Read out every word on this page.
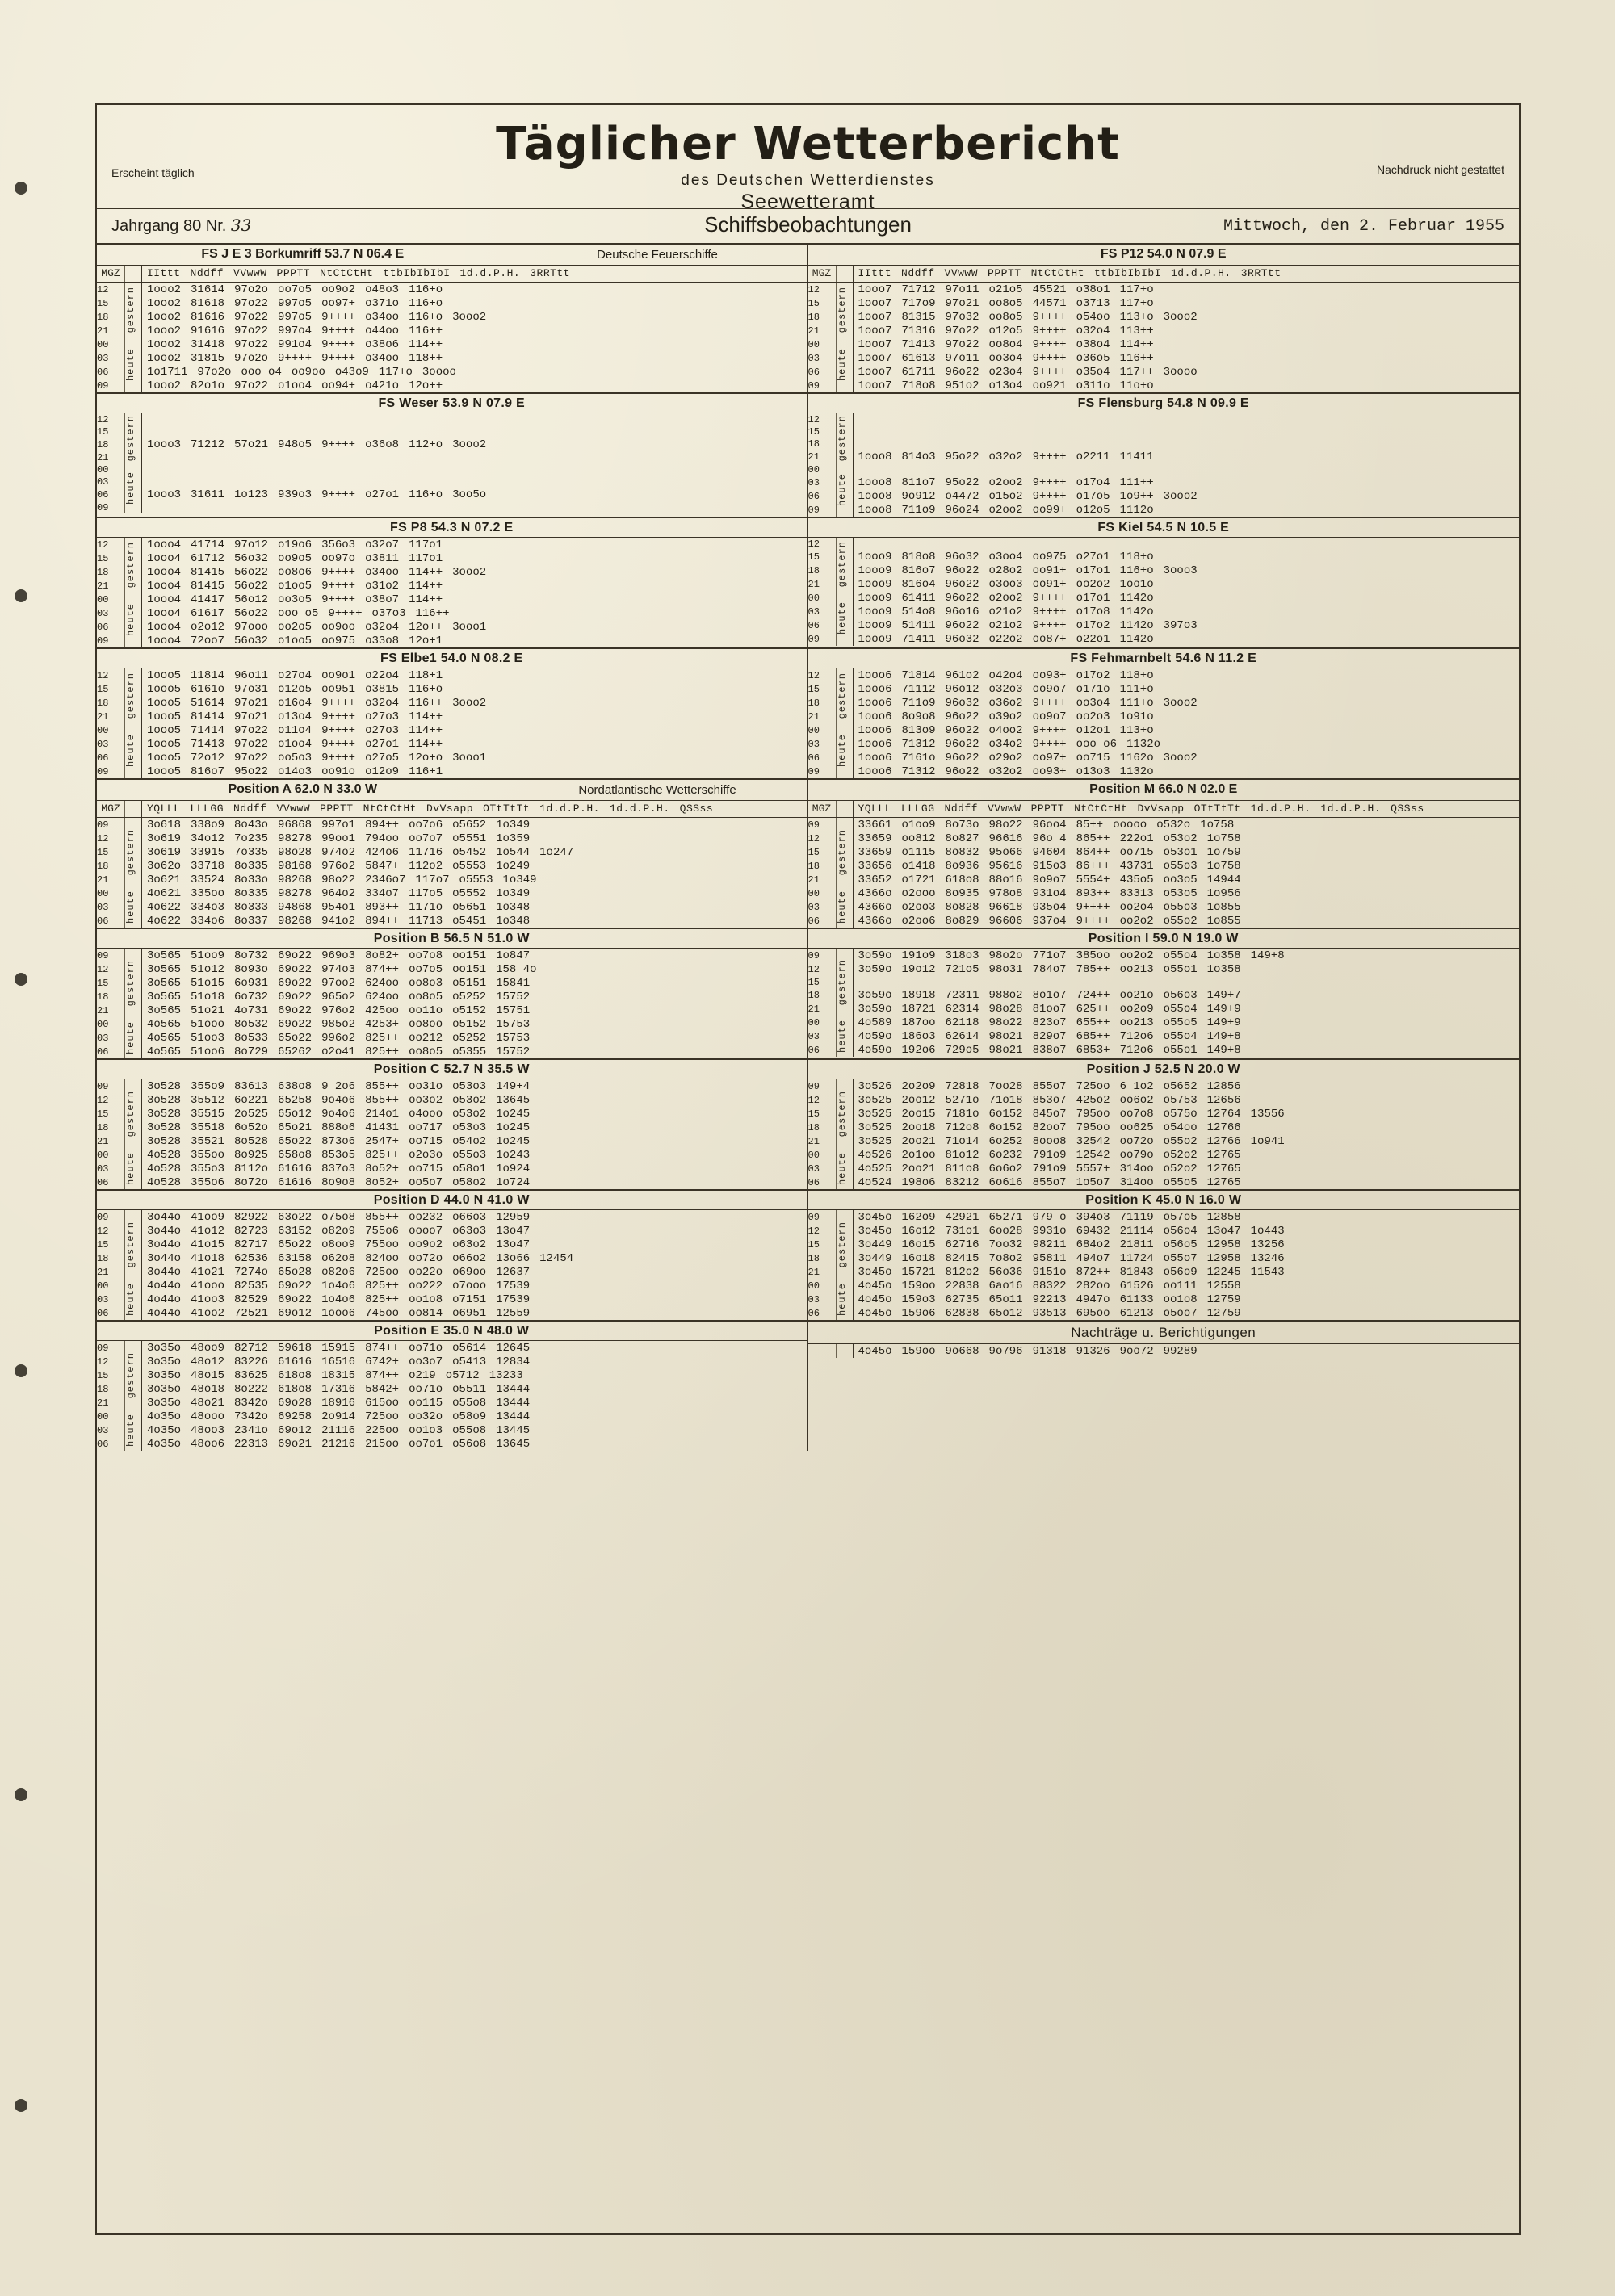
Täglicher Wetterbericht
des Deutschen Wetterdienstes
Seewetteramt
Erscheint täglich	Nachdruck nicht gestattet
Jahrgang 80 Nr. 33	Schiffsbeobachtungen	Mittwoch, den 2. Februar 1955
FS J E 3 Borkumriff 53.7 N 06.4 E	Deutsche Feuerschiffe	FS P12 54.0 N 07.9 E
MGZ		IIttt Nddff VVwwW PPPTT NtCtCtHt ttbIbIbIbI 1d.d.P.H. 3RRTtt
12	gestern	1ooo2 31614 97o2o oo7o5 oo9o2 o48o3 116+o
15		1ooo2 81618 97o22 997o5 oo97+ o371o 116+o
18		1ooo2 81616 97o22 997o5 9++++ o34oo 116+o 3ooo2
21		1ooo2 91616 97o22 997o4 9++++ o44oo 116++
00	heute	1ooo2 31418 97o22 991o4 9++++ o38o6 114++
03		1ooo2 31815 97o2o 9++++ 9++++ o34oo 118++
06		1o1711 97o2o ooo o4 oo9oo o43o9 117+o 3oooo
09		1ooo2 82o1o 97o22 o1oo4 oo94+ o421o 12o++
MGZ		IIttt Nddff VVwwW PPPTT NtCtCtHt ttbIbIbIbI 1d.d.P.H. 3RRTtt
12	gestern	1ooo7 71712 97o11 o21o5 45521 o38o1 117+o
15		1ooo7 717o9 97o21 oo8o5 44571 o3713 117+o
18		1ooo7 81315 97o32 oo8o5 9++++ o54oo 113+o 3ooo2
21		1ooo7 71316 97o22 o12o5 9++++ o32o4 113++
00	heute	1ooo7 71413 97o22 oo8o4 9++++ o38o4 114++
03		1ooo7 61613 97o11 oo3o4 9++++ o36o5 116++
06		1ooo7 61711 96o22 o23o4 9++++ o35o4 117++ 3oooo
09		1ooo7 718o8 951o2 o13o4 oo921 o311o 11o+o
FS Weser 53.9 N 07.9 E
12	gestern	

15		
18		1ooo3 71212 57o21 948o5 9++++ o36o8 112+o 3ooo2
21		
00	heute	

03		
06		1ooo3 31611 1o123 939o3 9++++ o27o1 116+o 3oo5o
09		
FS Flensburg 54.8 N 09.9 E
12	gestern	

15		
18		
21		1ooo8 814o3 95o22 o32o2 9++++ o2211 11411
00	heute	

03		1ooo8 811o7 95o22 o2oo2 9++++ o17o4 111++
06		1ooo8 9o912 o4472 o15o2 9++++ o17o5 1o9++ 3ooo2
09		1ooo8 711o9 96o24 o2oo2 oo99+ o12o5 1112o
FS P8 54.3 N 07.2 E
12	gestern	1ooo4 41714 97o12 o19o6 356o3 o32o7 117o1
15		1ooo4 61712 56o32 oo9o5 oo97o o3811 117o1
18		1ooo4 81415 56o22 oo8o6 9++++ o34oo 114++ 3ooo2
21		1ooo4 81415 56o22 o1oo5 9++++ o31o2 114++
00	heute	1ooo4 41417 56o12 oo3o5 9++++ o38o7 114++
03		1ooo4 61617 56o22 ooo o5 9++++ o37o3 116++
06		1ooo4 o2o12 97ooo oo2o5 oo9oo o32o4 12o++ 3ooo1
09		1ooo4 72oo7 56o32 o1oo5 oo975 o33o8 12o+1
FS Kiel 54.5 N 10.5 E
12	gestern	

15		1ooo9 818o8 96o32 o3oo4 oo975 o27o1 118+o
18		1ooo9 816o7 96o22 o28o2 oo91+ o17o1 116+o 3ooo3
21		1ooo9 816o4 96o22 o3oo3 oo91+ oo2o2 1oo1o
00	heute	1ooo9 61411 96o22 o2oo2 9++++ o17o1 1142o
03		1ooo9 514o8 96o16 o21o2 9++++ o17o8 1142o
06		1ooo9 51411 96o22 o21o2 9++++ o17o2 1142o 397o3
09		1ooo9 71411 96o32 o22o2 oo87+ o22o1 1142o
FS Elbe1 54.0 N 08.2 E
12	gestern	1ooo5 11814 96o11 o27o4 oo9o1 o22o4 118+1
15		1ooo5 6161o 97o31 o12o5 oo951 o3815 116+o
18		1ooo5 51614 97o21 o16o4 9++++ o32o4 116++ 3ooo2
21		1ooo5 81414 97o21 o13o4 9++++ o27o3 114++
00	heute	1ooo5 71414 97o22 o11o4 9++++ o27o3 114++
03		1ooo5 71413 97o22 o1oo4 9++++ o27o1 114++
06		1ooo5 72o12 97o22 oo5o3 9++++ o27o5 12o+o 3ooo1
09		1ooo5 816o7 95o22 o14o3 oo91o o12o9 116+1
FS Fehmarnbelt 54.6 N 11.2 E
12	gestern	1ooo6 71814 961o2 o42o4 oo93+ o17o2 118+o
15		1ooo6 71112 96o12 o32o3 oo9o7 o171o 111+o
18		1ooo6 711o9 96o32 o36o2 9++++ oo3o4 111+o 3ooo2
21		1ooo6 8o9o8 96o22 o39o2 oo9o7 oo2o3 1o91o
00	heute	1ooo6 813o9 96o22 o4oo2 9++++ o12o1 113+o
03		1ooo6 71312 96o22 o34o2 9++++ ooo o6 1132o
06		1ooo6 7161o 96o22 o29o2 oo97+ oo715 1162o 3ooo2
09		1ooo6 71312 96o22 o32o2 oo93+ o13o3 1132o
Position A 62.0 N 33.0 W	Nordatlantische Wetterschiffe	Position M 66.0 N 02.0 E
MGZ		YQLLL LLLGG Nddff VVwwW PPPTT NtCtCtHt DvVsapp OTtTtTt 1d.d.P.H. 1d.d.P.H. QSSss
09	gestern	3o618 338o9 8o43o 96868 997o1 894++ oo7o6 o5652 1o349
12		3o619 34o12 7o235 98278 99oo1 794oo oo7o7 o5551 1o359
15		3o619 33915 7o335 98o28 974o2 424o6 11716 o5452 1o544 1o247
18		3o62o 33718 8o335 98168 976o2 5847+ 112o2 o5553 1o249
21		3o621 33524 8o33o 98268 98o22 2346o7 117o7 o5553 1o349
00	heute	4o621 335oo 8o335 98278 964o2 334o7 117o5 o5552 1o349
03		4o622 334o3 8o333 94868 954o1 893++ 1171o o5651 1o348
06		4o622 334o6 8o337 98268 941o2 894++ 11713 o5451 1o348
MGZ		YQLLL LLLGG Nddff VVwwW PPPTT NtCtCtHt DvVsapp OTtTtTt 1d.d.P.H. 1d.d.P.H. QSSss
09	gestern	33661 o1oo9 8o73o 98o22 96oo4 85++ ooooo o532o 1o758
12		33659 oo812 8o827 96616 96o 4 865++ 222o1 o53o2 1o758
15		33659 o1115 8o832 95o66 94604 864++ oo715 o53o1 1o759
18		33656 o1418 8o936 95616 915o3 86+++ 43731 o55o3 1o758
21		33652 o1721 618o8 88o16 9o9o7 5554+ 435o5 oo3o5 14944
00	heute	4366o o2ooo 8o935 978o8 931o4 893++ 83313 o53o5 1o956
03		4366o o2oo3 8o828 96618 935o4 9++++ oo2o4 o55o3 1o855
06		4366o o2oo6 8o829 96606 937o4 9++++ oo2o2 o55o2 1o855
Position B 56.5 N 51.0 W
09	gestern	3o565 51oo9 8o732 69o22 969o3 8o82+ oo7o8 oo151 1o847
12		3o565 51o12 8o93o 69o22 974o3 874++ oo7o5 oo151 158 4o
15		3o565 51o15 6o931 69o22 97oo2 624oo oo8o3 o5151 15841
18		3o565 51o18 6o732 69o22 965o2 624oo oo8o5 o5252 15752
21		3o565 51o21 4o731 69o22 976o2 425oo oo11o o5152 15751
00	heute	4o565 51ooo 8o532 69o22 985o2 4253+ oo8oo o5152 15753
03		4o565 51oo3 8o533 65o22 996o2 825++ oo212 o5252 15753
06		4o565 51oo6 8o729 65262 o2o41 825++ oo8o5 o5355 15752
Position I 59.0 N 19.0 W
09	gestern	3o59o 191o9 318o3 98o2o 771o7 385oo oo2o2 o55o4 1o358 149+8
12		3o59o 19o12 721o5 98o31 784o7 785++ oo213 o55o1 1o358
15		
18		3o59o 18918 72311 988o2 8o1o7 724++ oo21o o56o3 149+7
21		3o59o 18721 62314 98o28 81oo7 625++ oo2o9 o55o4 149+9
00	heute	4o589 187oo 62118 98o22 823o7 655++ oo213 o55o5 149+9
03		4o59o 186o3 62614 98o21 829o7 685++ 712o6 o55o4 149+8
06		4o59o 192o6 729o5 98o21 838o7 6853+ 712o6 o55o1 149+8
Position C 52.7 N 35.5 W
09	gestern	3o528 355o9 83613 638o8 9 2o6 855++ oo31o o53o3 149+4
12		3o528 35512 6o221 65258 9o4o6 855++ oo3o2 o53o2 13645
15		3o528 35515 2o525 65o12 9o4o6 214o1 o4ooo o53o2 1o245
18		3o528 35518 6o52o 65o21 888o6 41431 oo717 o53o3 1o245
21		3o528 35521 8o528 65o22 873o6 2547+ oo715 o54o2 1o245
00	heute	4o528 355oo 8o925 658o8 853o5 825++ o2o3o o55o3 1o243
03		4o528 355o3 8112o 61616 837o3 8o52+ oo715 o58o1 1o924
06		4o528 355o6 8o72o 61616 8o9o8 8o52+ oo5o7 o58o2 1o724
Position J 52.5 N 20.0 W
09	gestern	3o526 2o2o9 72818 7oo28 855o7 725oo 6 1o2 o5652 12856
12		3o525 2oo12 5271o 71o18 853o7 425o2 oo6o2 o5753 12656
15		3o525 2oo15 7181o 6o152 845o7 795oo oo7o8 o575o 12764 13556
18		3o525 2oo18 712o8 6o152 82oo7 795oo oo625 o54oo 12766
21		3o525 2oo21 71o14 6o252 8ooo8 32542 oo72o o55o2 12766 1o941
00	heute	4o526 2o1oo 81o12 6o232 791o9 12542 oo79o o52o2 12765
03		4o525 2oo21 811o8 6o6o2 791o9 5557+ 314oo o52o2 12765
06		4o524 198o6 83212 6o616 855o7 1o5o7 314oo o55o5 12765
Position D 44.0 N 41.0 W
09	gestern	3o44o 41oo9 82922 63o22 o75o8 855++ oo232 o66o3 12959
12		3o44o 41o12 82723 63152 o82o9 755o6 oooo7 o63o3 13o47
15		3o44o 41o15 82717 65o22 o8oo9 755oo oo9o2 o63o2 13o47
18		3o44o 41o18 62536 63158 o62o8 824oo oo72o o66o2 13o66 12454
21		3o44o 41o21 7274o 65o28 o82o6 725oo oo22o o69oo 12637
00	heute	4o44o 41ooo 82535 69o22 1o4o6 825++ oo222 o7ooo 17539
03		4o44o 41oo3 82529 69o22 1o4o6 825++ oo1o8 o7151 17539
06		4o44o 41oo2 72521 69o12 1ooo6 745oo oo814 o6951 12559
Position K 45.0 N 16.0 W
09	gestern	3o45o 162o9 42921 65271 979 o 394o3 71119 o57o5 12858
12		3o45o 16o12 731o1 6oo28 9931o 69432 21114 o56o4 13o47 1o443
15		3o449 16o15 62716 7oo32 98211 684o2 21811 o56o5 12958 13256
18		3o449 16o18 82415 7o8o2 95811 494o7 11724 o55o7 12958 13246
21		3o45o 15721 812o2 56o36 9151o 872++ 81843 o56o9 12245 11543
00	heute	4o45o 159oo 22838 6ao16 88322 282oo 61526 oo111 12558
03		4o45o 159o3 62735 65o11 92213 4947o 61133 oo1o8 12759
06		4o45o 159o6 62838 65o12 93513 695oo 61213 o5oo7 12759
Position E 35.0 N 48.0 W
09	gestern	3o35o 48oo9 82712 59618 15915 874++ oo71o o5614 12645
12		3o35o 48o12 83226 61616 16516 6742+ oo3o7 o5413 12834
15		3o35o 48o15 83625 618o8 18315 874++ o219 o5712 13233
18		3o35o 48o18 8o222 618o8 17316 5842+ oo71o o5511 13444
21		3o35o 48o21 8342o 69o28 18916 615oo oo115 o55o8 13444
00	heute	4o35o 48ooo 7342o 69258 2o914 725oo oo32o o58o9 13444
03		4o35o 48oo3 2341o 69o12 21116 225oo oo1o3 o55o8 13445
06		4o35o 48oo6 22313 69o21 21216 215oo oo7o1 o56o8 13645
Nachträge u. Berichtigungen
		4o45o 159oo 9o668 9o796 91318 91326 9oo72 99289
